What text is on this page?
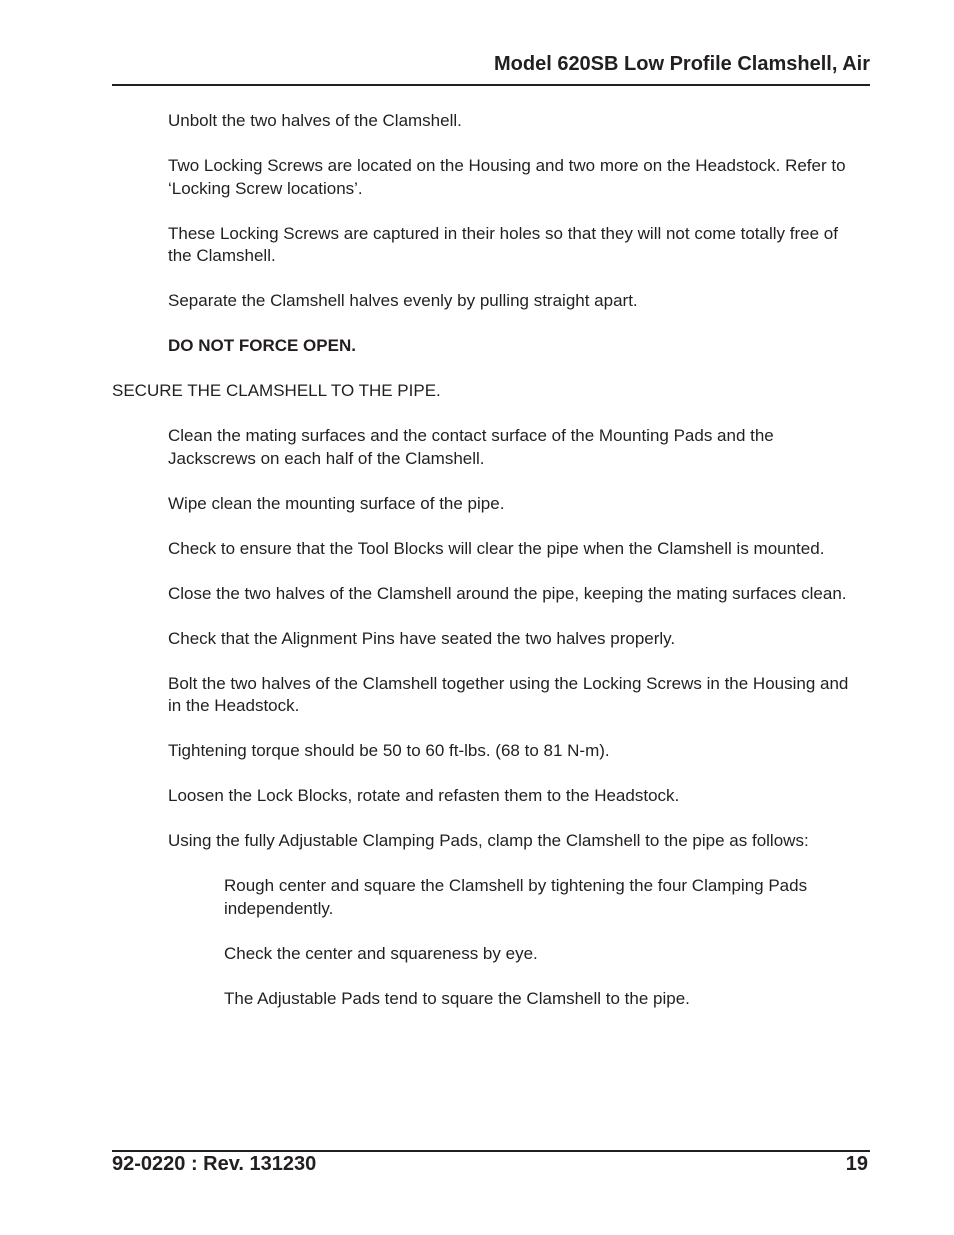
Model 620SB Low Profile Clamshell, Air

Unbolt the two halves of the Clamshell.

Two Locking Screws are located on the Housing and two more on the Headstock. Refer to ‘Locking Screw locations’.

These Locking Screws are captured in their holes so that they will not come totally free of the Clamshell.

Separate the Clamshell halves evenly by pulling straight apart.

DO NOT FORCE OPEN.

SECURE THE CLAMSHELL TO THE PIPE.

Clean the mating surfaces and the contact surface of the Mounting Pads and the Jackscrews on each half of the Clamshell.

Wipe clean the mounting surface of the pipe.

Check to ensure that the Tool Blocks will clear the pipe when the Clamshell is mounted.

Close the two halves of the Clamshell around the pipe, keeping the mating surfaces clean.

Check that the Alignment Pins have seated the two halves properly.

Bolt the two halves of the Clamshell together using the Locking Screws in the Housing and in the Headstock.

Tightening torque should be 50 to 60 ft-lbs. (68 to 81 N-m).

Loosen the Lock Blocks, rotate and refasten them to the Headstock.

Using the fully Adjustable Clamping Pads, clamp the Clamshell to the pipe as follows:

Rough center and square the Clamshell by tightening the four Clamping Pads independently.

Check the center and squareness by eye.

The Adjustable Pads tend to square the Clamshell to the pipe.

92-0220 : Rev. 131230	19
